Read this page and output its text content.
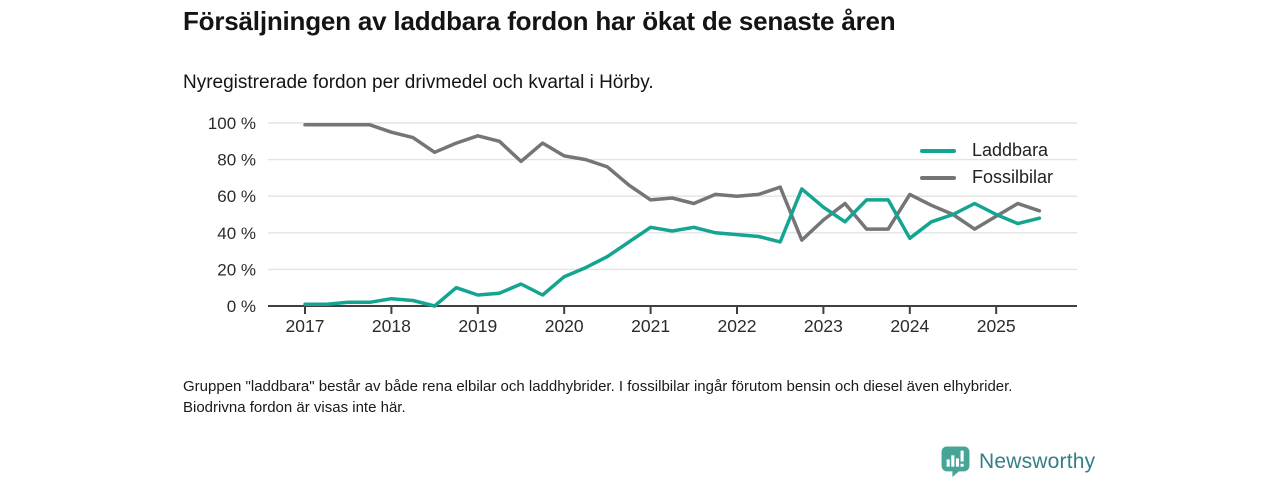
0 %
20 %
40 %
60 %
80 %
100 %
2017	2018	2019	2020	2021	2022	2023	2024	2025
Försäljningen av laddbara fordon har ökat de senaste åren

Nyregistrerade fordon per drivmedel och kvartal i Hörby.

Laddbara
Fossilbilar

Gruppen "laddbara" består av både rena elbilar och laddhybrider. I fossilbilar ingår förutom bensin och diesel även elhybrider. Biodrivna fordon är visas inte här.

Newsworthy
